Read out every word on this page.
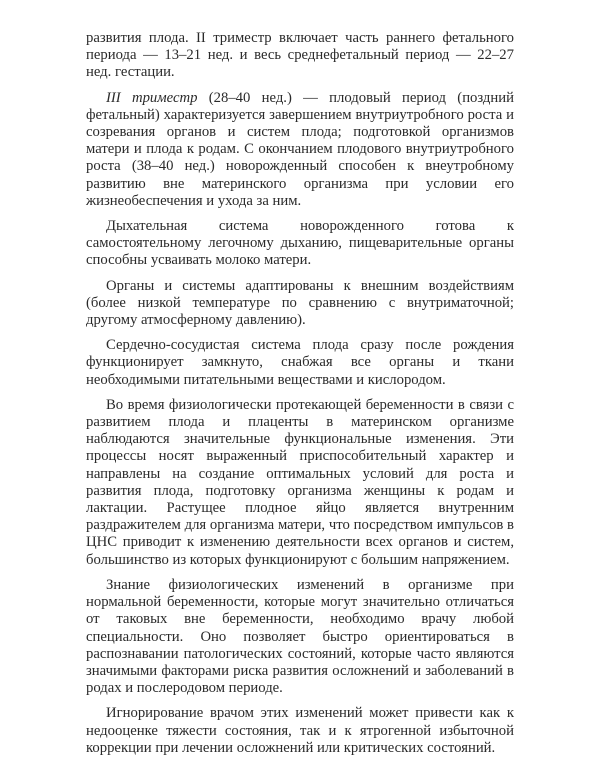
развития плода. II триместр включает часть раннего фетального периода — 13–21 нед. и весь среднефетальный период — 22–27 нед. гестации.

III триместр (28–40 нед.) — плодовый период (поздний фетальный) характеризуется завершением внутриутробного роста и созревания органов и систем плода; подготовкой организмов матери и плода к родам. С окончанием плодового внутриутробного роста (38–40 нед.) новорожденный способен к внеутробному развитию вне материнского организма при условии его жизнеобеспечения и ухода за ним.

Дыхательная система новорожденного готова к самостоятельному легочному дыханию, пищеварительные органы способны усваивать молоко матери.

Органы и системы адаптированы к внешним воздействиям (более низкой температуре по сравнению с внутриматочной; другому атмосферному давлению).

Сердечно-сосудистая система плода сразу после рождения функционирует замкнуто, снабжая все органы и ткани необходимыми питательными веществами и кислородом.

Во время физиологически протекающей беременности в связи с развитием плода и плаценты в материнском организме наблюдаются значительные функциональные изменения. Эти процессы носят выраженный приспособительный характер и направлены на создание оптимальных условий для роста и развития плода, подготовку организма женщины к родам и лактации. Растущее плодное яйцо является внутренним раздражителем для организма матери, что посредством импульсов в ЦНС приводит к изменению деятельности всех органов и систем, большинство из которых функционируют с большим напряжением.

Знание физиологических изменений в организме при нормальной беременности, которые могут значительно отличаться от таковых вне беременности, необходимо врачу любой специальности. Оно позволяет быстро ориентироваться в распознавании патологических состояний, которые часто являются значимыми факторами риска развития осложнений и заболеваний в родах и послеродовом периоде.

Игнорирование врачом этих изменений может привести как к недооценке тяжести состояния, так и к ятрогенной избыточной коррекции при лечении осложнений или критических состояний.
